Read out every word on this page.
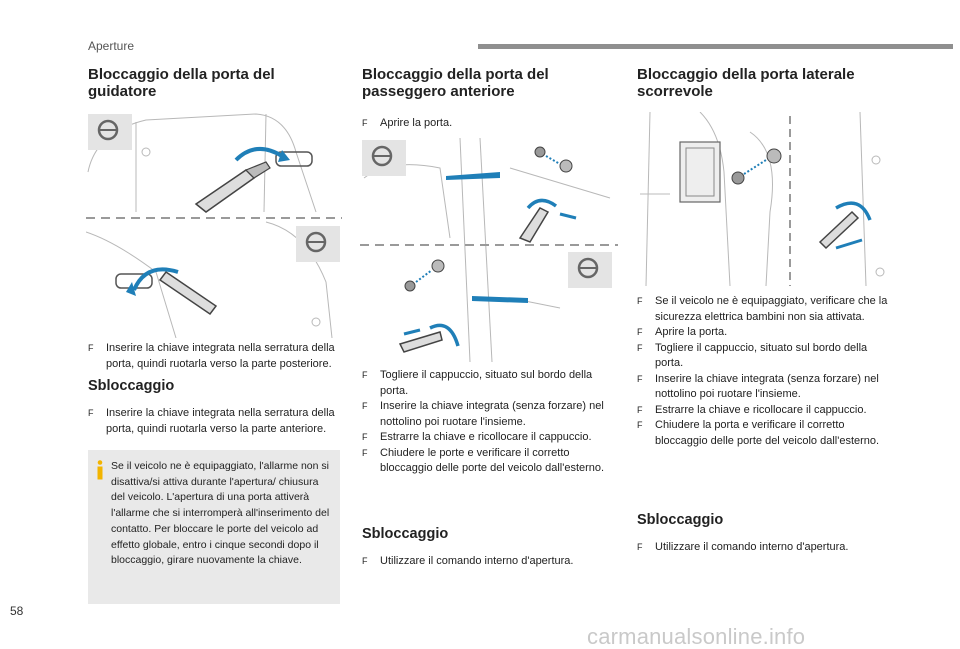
Aperture
Bloccaggio della porta del guidatore
F Inserire la chiave integrata nella serratura della porta, quindi ruotarla verso la parte posteriore.
Sbloccaggio
F Inserire la chiave integrata nella serratura della porta, quindi ruotarla verso la parte anteriore.

Se il veicolo ne è equipaggiato, l'allarme non si disattiva/si attiva durante l'apertura/ chiusura del veicolo. L'apertura di una porta attiverà l'allarme che si interromperà all'inserimento del contatto. Per bloccare le porte del veicolo ad effetto globale, entro i cinque secondi dopo il bloccaggio, girare nuovamente la chiave.

Bloccaggio della porta del passeggero anteriore
F Aprire la porta.
F Togliere il cappuccio, situato sul bordo della porta.
F Inserire la chiave integrata (senza forzare) nel nottolino poi ruotare l'insieme.
F Estrarre la chiave e ricollocare il cappuccio.
F Chiudere le porte e verificare il corretto bloccaggio delle porte del veicolo dall'esterno.
Sbloccaggio
F Utilizzare il comando interno d'apertura.
Bloccaggio della porta laterale scorrevole
F Se il veicolo ne è equipaggiato, verificare che la sicurezza elettrica bambini non sia attivata.
F Aprire la porta.
F Togliere il cappuccio, situato sul bordo della porta.
F Inserire la chiave integrata (senza forzare) nel nottolino poi ruotare l'insieme.
F Estrarre la chiave e ricollocare il cappuccio.
F Chiudere la porta e verificare il corretto bloccaggio delle porte del veicolo dall'esterno.
Sbloccaggio
F Utilizzare il comando interno d'apertura.
58
carmanualsonline.info
